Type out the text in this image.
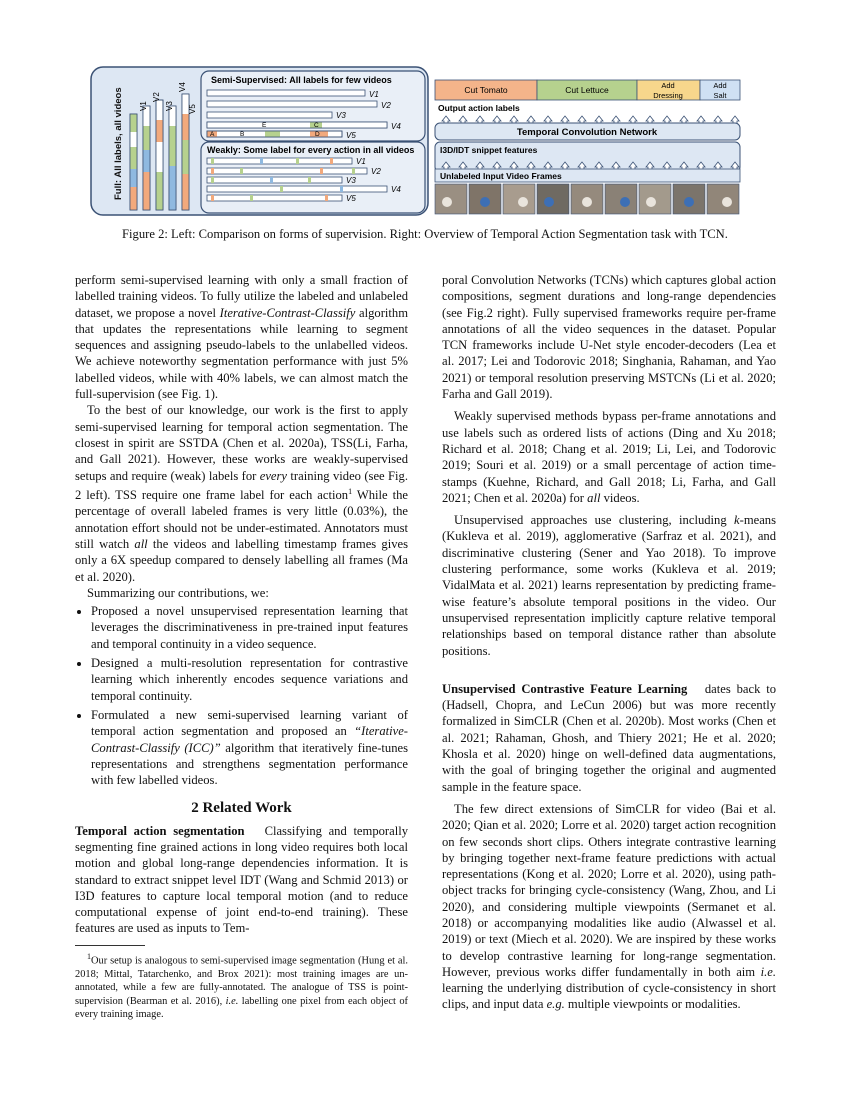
Full: All labels, all videos V1
V2
V3
V4
V5
Semi-Supervised: All labels for few videos
V1
V2
V3
V4
V5
A	B	D
E	C
Weakly: Some label for every action in all videos
V1
V2
V3
V4
V5
Cut Tomato	Cut Lettuce	Add
Dressing
Add
Salt
Output action labels
Temporal Convolution Network
I3D/IDT snippet features
Unlabeled Input Video Frames
Figure 2: Left: Comparison on forms of supervision. Right: Overview of Temporal Action Segmentation task with TCN.

perform semi-supervised learning with only a small fraction of labelled training videos. To fully utilize the labeled and unlabeled dataset, we propose a novel Iterative-Contrast-Classify algorithm that updates the representations while learning to segment sequences and assigning pseudo-labels to the unlabelled videos. We achieve noteworthy segmentation performance with just 5% labelled videos, while with 40% labels, we can almost match the full-supervision (see Fig. 1).

To the best of our knowledge, our work is the first to apply semi-supervised learning for temporal action segmentation. The closest in spirit are SSTDA (Chen et al. 2020a), TSS(Li, Farha, and Gall 2021). However, these works are weakly-supervised setups and require (weak) labels for every training video (see Fig. 2 left). TSS require one frame label for each action$^1$ While the percentage of overall labeled frames is very little (0.03%), the annotation effort should not be under-estimated. Annotators must still watch all the videos and labelling timestamp frames gives only a 6X speedup compared to densely labelling all frames (Ma et al. 2020).

Summarizing our contributions, we:

• Proposed a novel unsupervised representation learning that leverages the discriminativeness in pre-trained input features and temporal continuity in a video sequence.
• Designed a multi-resolution representation for contrastive learning which inherently encodes sequence variations and temporal continuity.
• Formulated a new semi-supervised learning variant of temporal action segmentation and proposed an “Iterative-Contrast-Classify (ICC)” algorithm that iteratively fine-tunes representations and strengthens segmentation performance with few labelled videos.
2 Related Work

Temporal action segmentation Classifying and temporally segmenting fine grained actions in long video requires both local motion and global long-range dependencies information. It is standard to extract snippet level IDT (Wang and Schmid 2013) or I3D features to capture local temporal motion (and to reduce computational expense of joint end-to-end training). These features are used as inputs to Tem-

$^1$Our setup is analogous to semi-supervised image segmentation (Hung et al. 2018; Mittal, Tatarchenko, and Brox 2021): most training images are un-annotated, while a few are fully-annotated. The analogue of TSS is point-supervision (Bearman et al. 2016), i.e. labelling one pixel from each object of every training image.

poral Convolution Networks (TCNs) which captures global action compositions, segment durations and long-range dependencies (see Fig.2 right). Fully supervised frameworks require per-frame annotations of all the video sequences in the dataset. Popular TCN frameworks include U-Net style encoder-decoders (Lea et al. 2017; Lei and Todorovic 2018; Singhania, Rahaman, and Yao 2021) or temporal resolution preserving MSTCNs (Li et al. 2020; Farha and Gall 2019).

Weakly supervised methods bypass per-frame annotations and use labels such as ordered lists of actions (Ding and Xu 2018; Richard et al. 2018; Chang et al. 2019; Li, Lei, and Todorovic 2019; Souri et al. 2019) or a small percentage of action time-stamps (Kuehne, Richard, and Gall 2018; Li, Farha, and Gall 2021; Chen et al. 2020a) for all videos.

Unsupervised approaches use clustering, including k-means (Kukleva et al. 2019), agglomerative (Sarfraz et al. 2021), and discriminative clustering (Sener and Yao 2018). To improve clustering performance, some works (Kukleva et al. 2019; VidalMata et al. 2021) learns representation by predicting frame-wise feature’s absolute temporal positions in the video. Our unsupervised representation implicitly capture relative temporal relationships based on temporal distance rather than absolute positions.

Unsupervised Contrastive Feature Learning dates back to (Hadsell, Chopra, and LeCun 2006) but was more recently formalized in SimCLR (Chen et al. 2020b). Most works (Chen et al. 2021; Rahaman, Ghosh, and Thiery 2021; He et al. 2020; Khosla et al. 2020) hinge on well-defined data augmentations, with the goal of bringing together the original and augmented sample in the feature space.

The few direct extensions of SimCLR for video (Bai et al. 2020; Qian et al. 2020; Lorre et al. 2020) target action recognition on few seconds short clips. Others integrate contrastive learning by bringing together next-frame feature predictions with actual representations (Kong et al. 2020; Lorre et al. 2020), using path-object tracks for bringing cycle-consistency (Wang, Zhou, and Li 2020), and considering multiple viewpoints (Sermanet et al. 2018) or accompanying modalities like audio (Alwassel et al. 2019) or text (Miech et al. 2020). We are inspired by these works to develop contrastive learning for long-range segmentation. However, previous works differ fundamentally in both aim i.e. learning the underlying distribution of cycle-consistency in short clips, and input data e.g. multiple viewpoints or modalities.
